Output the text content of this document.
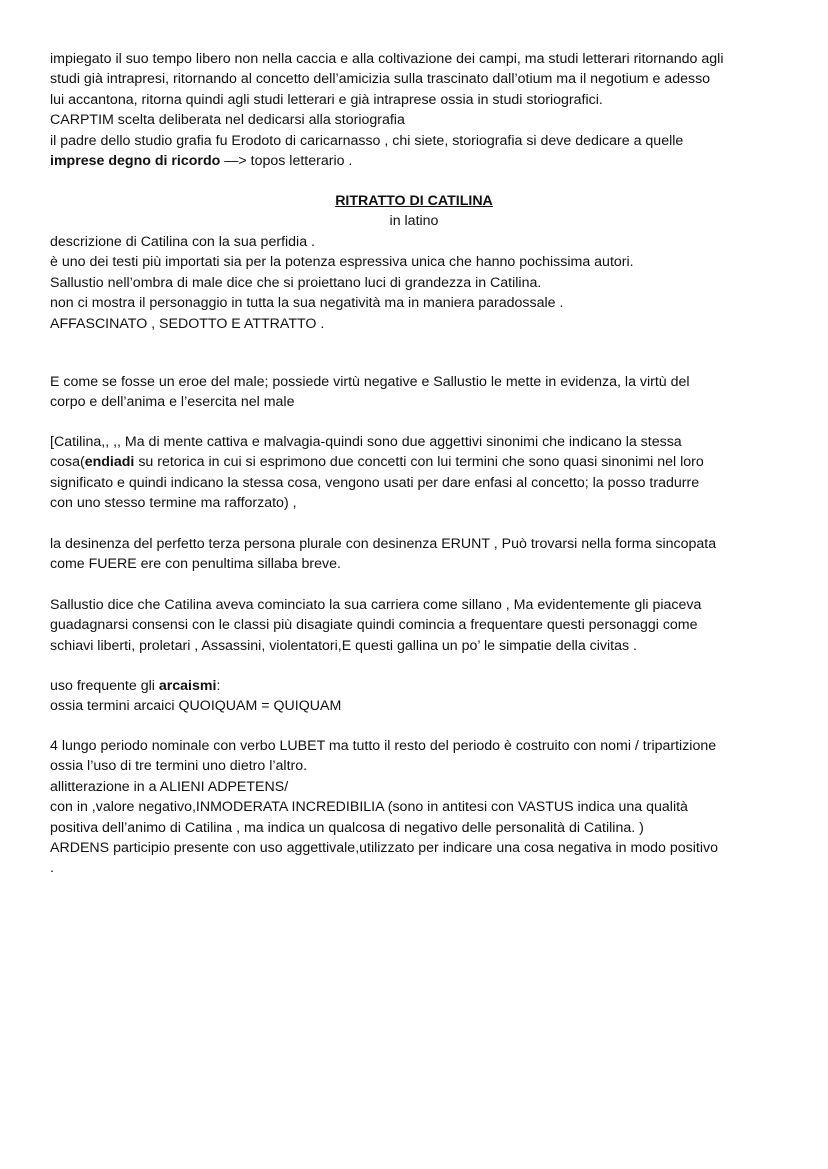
impiegato il suo tempo libero non nella caccia e alla coltivazione dei campi, ma studi letterari ritornando agli
studi già intrapresi, ritornando al concetto dell’amicizia sulla trascinato dall’otium ma il negotium e adesso
lui accantona, ritorna quindi agli studi letterari e già intraprese ossia in studi storiografici.
CARPTIM scelta deliberata nel dedicarsi alla storiografia
il padre dello studio grafia fu Erodoto di caricarnasso , chi siete, storiografia si deve dedicare a quelle
imprese degno di ricordo —> topos letterario .
RITRATTO DI CATILINA
in latino
descrizione di Catilina con la sua perfidia .
è uno dei testi più importati sia per la potenza espressiva unica che hanno pochissima autori.
Sallustio nell’ombra di male dice che si proiettano luci di grandezza in Catilina.
non ci mostra il personaggio in tutta la sua negatività ma in maniera paradossale .
AFFASCINATO , SEDOTTO E ATTRATTO .
E come se fosse un eroe del male; possiede virtù negative e Sallustio le mette in evidenza, la virtù del
corpo e dell’anima e l’esercita nel male
[Catilina,, ,, Ma di mente cattiva e malvagia-quindi sono due aggettivi sinonimi che indicano la stessa
cosa(endiadi su retorica in cui si esprimono due concetti con lui termini che sono quasi sinonimi nel loro
significato e quindi indicano la stessa cosa, vengono usati per dare enfasi al concetto; la posso tradurre
con uno stesso termine ma rafforzato) ,
la desinenza del perfetto terza persona plurale con desinenza ERUNT , Può trovarsi nella forma sincopata
come FUERE ere con penultima sillaba breve.
Sallustio dice che Catilina aveva cominciato la sua carriera come sillano , Ma evidentemente gli piaceva
guadagnarsi consensi con le classi più disagiate quindi comincia a frequentare questi personaggi come
schiavi liberti, proletari , Assassini, violentatori,E questi gallina un po’ le simpatie della civitas .
uso frequente gli arcaismi:
ossia termini arcaici QUOIQUAM = QUIQUAM
4 lungo periodo nominale con verbo LUBET ma tutto il resto del periodo è costruito con nomi / tripartizione
ossia l’uso di tre termini uno dietro l’altro.
allitterazione in a ALIENI ADPETENS/
con in ,valore negativo,INMODERATA INCREDIBILIA (sono in antitesi con VASTUS indica una qualità
positiva dell’animo di Catilina , ma indica un qualcosa di negativo delle personalità di Catilina. )
ARDENS participio presente con uso aggettivale,utilizzato per indicare una cosa negativa in modo positivo
.
